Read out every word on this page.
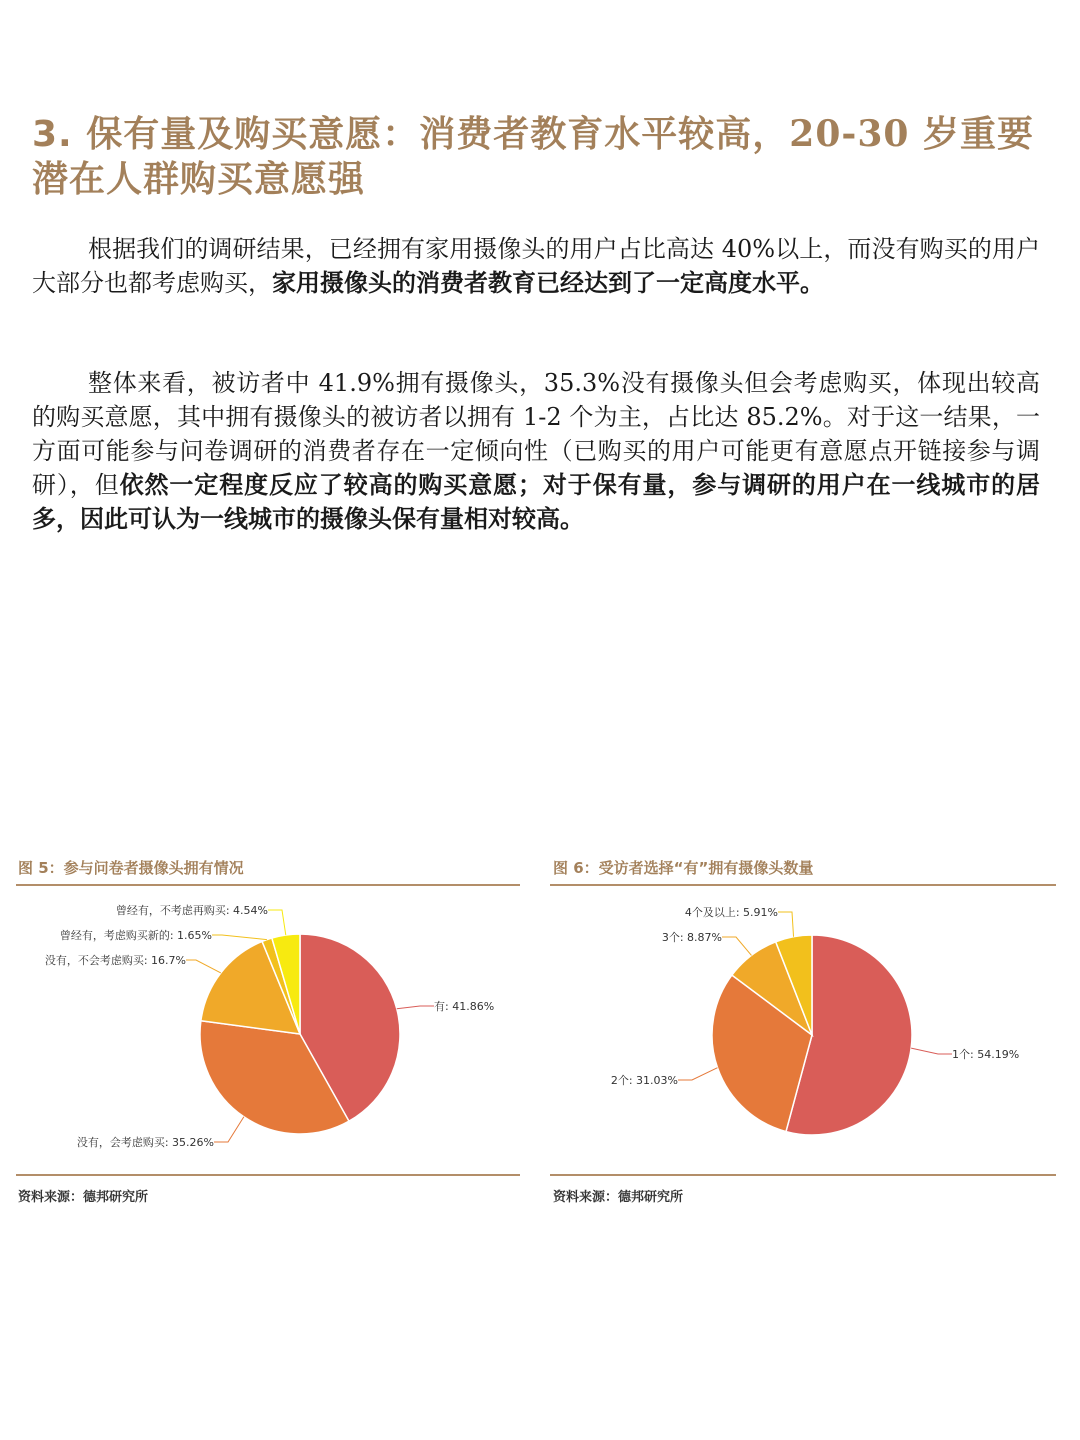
3. 保有量及购买意愿：消费者教育水平较高，20-30 岁重要潜在人群购买意愿强

根据我们的调研结果，已经拥有家用摄像头的用户占比高达 40%以上，而没有购买的用户大部分也都考虑购买，家用摄像头的消费者教育已经达到了一定高度水平。

整体来看，被访者中 41.9%拥有摄像头，35.3%没有摄像头但会考虑购买，体现出较高的购买意愿，其中拥有摄像头的被访者以拥有 1-2 个为主，占比达 85.2%。对于这一结果，一方面可能参与问卷调研的消费者存在一定倾向性（已购买的用户可能更有意愿点开链接参与调研），但依然一定程度反应了较高的购买意愿；对于保有量，参与调研的用户在一线城市的居多，因此可认为一线城市的摄像头保有量相对较高。

图 5：参与问卷者摄像头拥有情况
有: 41.86%
没有，会考虑购买: 35.26%
没有，不会考虑购买: 16.7%
曾经有，考虑购买新的: 1.65%
曾经有，不考虑再购买: 4.54%
资料来源：德邦研究所
图 6：受访者选择“有”拥有摄像头数量
1个: 54.19%
2个: 31.03%
3个: 8.87%
4个及以上: 5.91%
资料来源：德邦研究所
